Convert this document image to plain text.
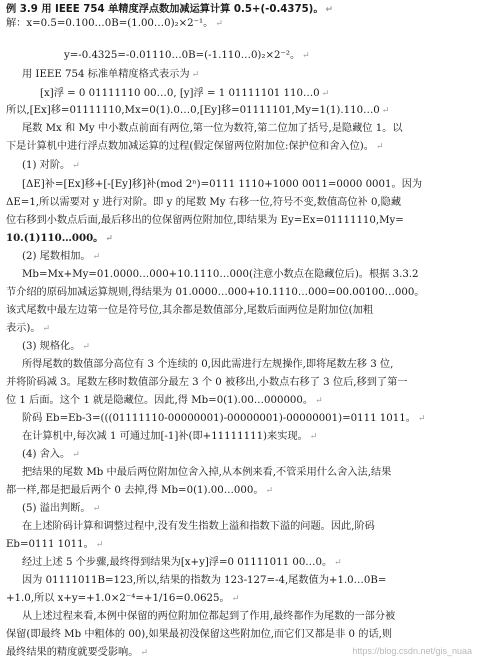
例 3.9 用 IEEE 754 单精度浮点数加减运算计算 0.5+(-0.4375)。 ↵
解：x=0.5=0.100…0B=(1.00…0)₂×2⁻¹。 ↵
y=-0.4325=-0.01110…0B=(-1.110…0)₂×2⁻²。 ↵
用 IEEE 754 标准单精度格式表示为 ↵
[x]浮 = 0 01111110 00…0, [y]浮 = 1 01111101 110…0 ↵
所以,[Ex]移=01111110,Mx=0(1).0…0,[Ey]移=01111101,My=1(1).110…0 ↵
尾数 Mx 和 My 中小数点前面有两位,第一位为数符,第二位加了括号,是隐藏位 1。以
下是计算机中进行浮点数加减运算的过程(假定保留两位附加位:保护位和舍入位)。 ↵
(1) 对阶。 ↵
[ΔE]补=[Ex]移+[-[Ey]移]补(mod 2ⁿ)=0111 1110+1000 0011=0000 0001。因为
ΔE=1,所以需要对 y 进行对阶。即 y 的尾数 My 右移一位,符号不变,数值高位补 0,隐藏
位右移到小数点后面,最后移出的位保留两位附加位,即结果为 Ey=Ex=01111110,My=
10.(1)110…000。 ↵
(2) 尾数相加。 ↵
Mb=Mx+My=01.0000…000+10.1110…000(注意小数点在隐藏位后)。根据 3.3.2
节介绍的原码加减运算规则,得结果为 01.0000…000+10.1110…000=00.00100…000。
该式尾数中最左边第一位是符号位,其余都是数值部分,尾数后面两位是附加位(加粗
表示)。 ↵
(3) 规格化。 ↵
所得尾数的数值部分高位有 3 个连续的 0,因此需进行左规操作,即将尾数左移 3 位,
并将阶码减 3。尾数左移时数值部分最左 3 个 0 被移出,小数点右移了 3 位后,移到了第一
位 1 后面。这个 1 就是隐藏位。因此,得 Mb=0(1).00…000000。 ↵
阶码 Eb=Eb-3=(((01111110-00000001)-00000001)-00000001)=0111 1011。 ↵
在计算机中,每次减 1 可通过加[-1]补(即+11111111)来实现。 ↵
(4) 舍入。 ↵
把结果的尾数 Mb 中最后两位附加位舍入掉,从本例来看,不管采用什么舍入法,结果
都一样,都是把最后两个 0 去掉,得 Mb=0(1).00…000。 ↵
(5) 溢出判断。 ↵
在上述阶码计算和调整过程中,没有发生指数上溢和指数下溢的问题。因此,阶码
Eb=0111 1011。 ↵
经过上述 5 个步骤,最终得到结果为[x+y]浮=0 01111011 00…0。 ↵
因为 01111011B=123,所以,结果的指数为 123-127=-4,尾数值为+1.0…0B=
+1.0,所以 x+y=+1.0×2⁻⁴=+1/16=0.0625。 ↵
从上述过程来看,本例中保留的两位附加位都起到了作用,最终都作为尾数的一部分被
保留(即最终 Mb 中粗体的 00),如果最初没保留这些附加位,而它们又都是非 0 的话,则
最终结果的精度就要受影响。 ↵	https://blog.csdn.net/gis_nuaa
